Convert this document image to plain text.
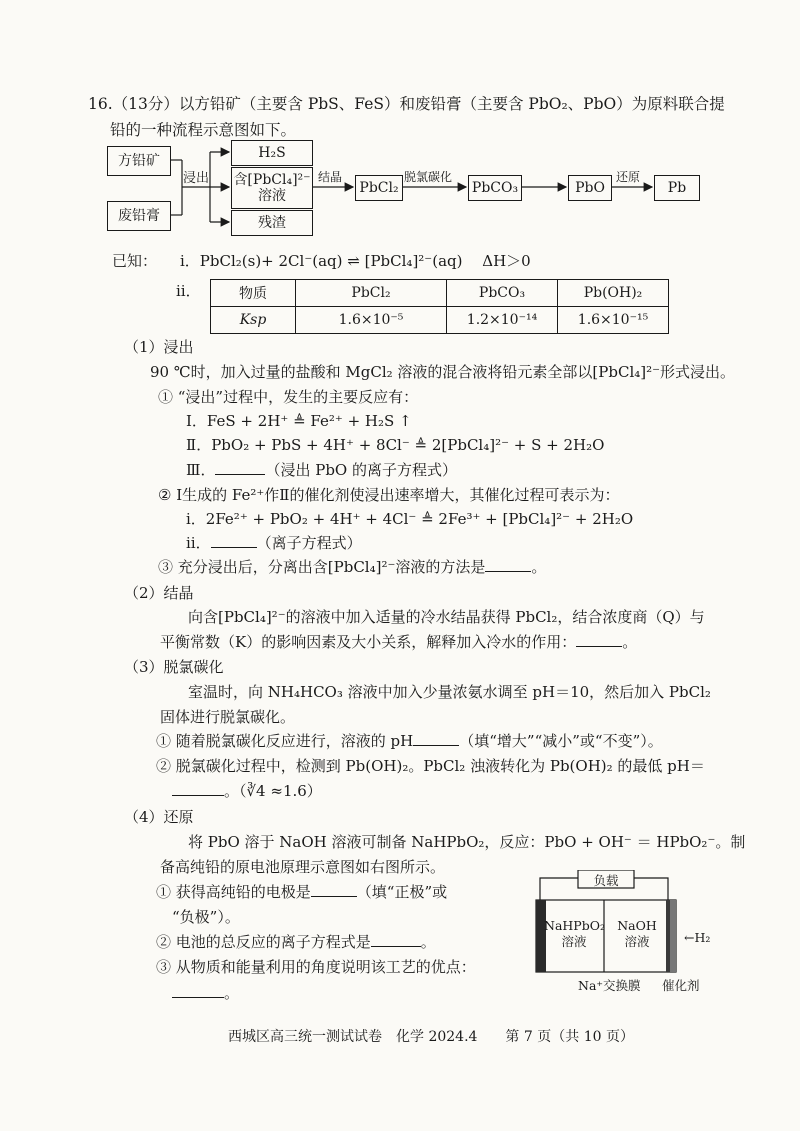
16.（13分）以方铅矿（主要含 PbS、FeS）和废铅膏（主要含 PbO₂、PbO）为原料联合提
铅的一种流程示意图如下。
方铅矿
废铅膏
浸出
H₂S
含[PbCl₄]²⁻
溶液
残渣
结晶
PbCl₂
脱氯碳化
PbCO₃	PbO
还原
Pb
已知： ⅰ．PbCl₂(s)+ 2Cl⁻(aq) ⇌ [PbCl₄]²⁻(aq)　 ΔH＞0
ⅱ．	物质	PbCl₂	PbCO₃	Pb(OH)₂
Ksp	1.6×10⁻⁵	1.2×10⁻¹⁴	1.6×10⁻¹⁵
（1）浸出
90 ℃时，加入过量的盐酸和 MgCl₂ 溶液的混合液将铅元素全部以[PbCl₄]²⁻形式浸出。
① “浸出”过程中，发生的主要反应有：
Ⅰ．FeS + 2H⁺ ≜ Fe²⁺ + H₂S ↑
Ⅱ．PbO₂ + PbS + 4H⁺ + 8Cl⁻ ≜ 2[PbCl₄]²⁻ + S + 2H₂O
Ⅲ．	（浸出 PbO 的离子方程式）
② Ⅰ生成的 Fe²⁺作Ⅱ的催化剂使浸出速率增大，其催化过程可表示为：
ⅰ．2Fe²⁺ + PbO₂ + 4H⁺ + 4Cl⁻ ≜ 2Fe³⁺ + [PbCl₄]²⁻ + 2H₂O
ⅱ．	（离子方程式）
③ 充分浸出后，分离出含[PbCl₄]²⁻溶液的方法是	。
（2）结晶
向含[PbCl₄]²⁻的溶液中加入适量的冷水结晶获得 PbCl₂，结合浓度商（Q）与
平衡常数（K）的影响因素及大小关系，解释加入冷水的作用：	。
（3）脱氯碳化
室温时，向 NH₄HCO₃ 溶液中加入少量浓氨水调至 pH＝10，然后加入 PbCl₂
固体进行脱氯碳化。
① 随着脱氯碳化反应进行，溶液的 pH	（填“增大”“减小”或“不变”）。
② 脱氯碳化过程中，检测到 Pb(OH)₂。PbCl₂ 浊液转化为 Pb(OH)₂ 的最低 pH＝
。（∛4 ≈1.6）
（4）还原
将 PbO 溶于 NaOH 溶液可制备 NaHPbO₂，反应：PbO + OH⁻ ＝ HPbO₂⁻。制
备高纯铅的原电池原理示意图如右图所示。
① 获得高纯铅的电极是	（填“正极”或
“负极”）。
② 电池的总反应的离子方程式是	。
③ 从物质和能量利用的角度说明该工艺的优点：
。
负载
NaHPbO₂
溶液
NaOH
溶液	←H₂
Na⁺交换膜 催化剂
西城区高三统一测试试卷　化学 2024.4　　第 7 页（共 10 页）
